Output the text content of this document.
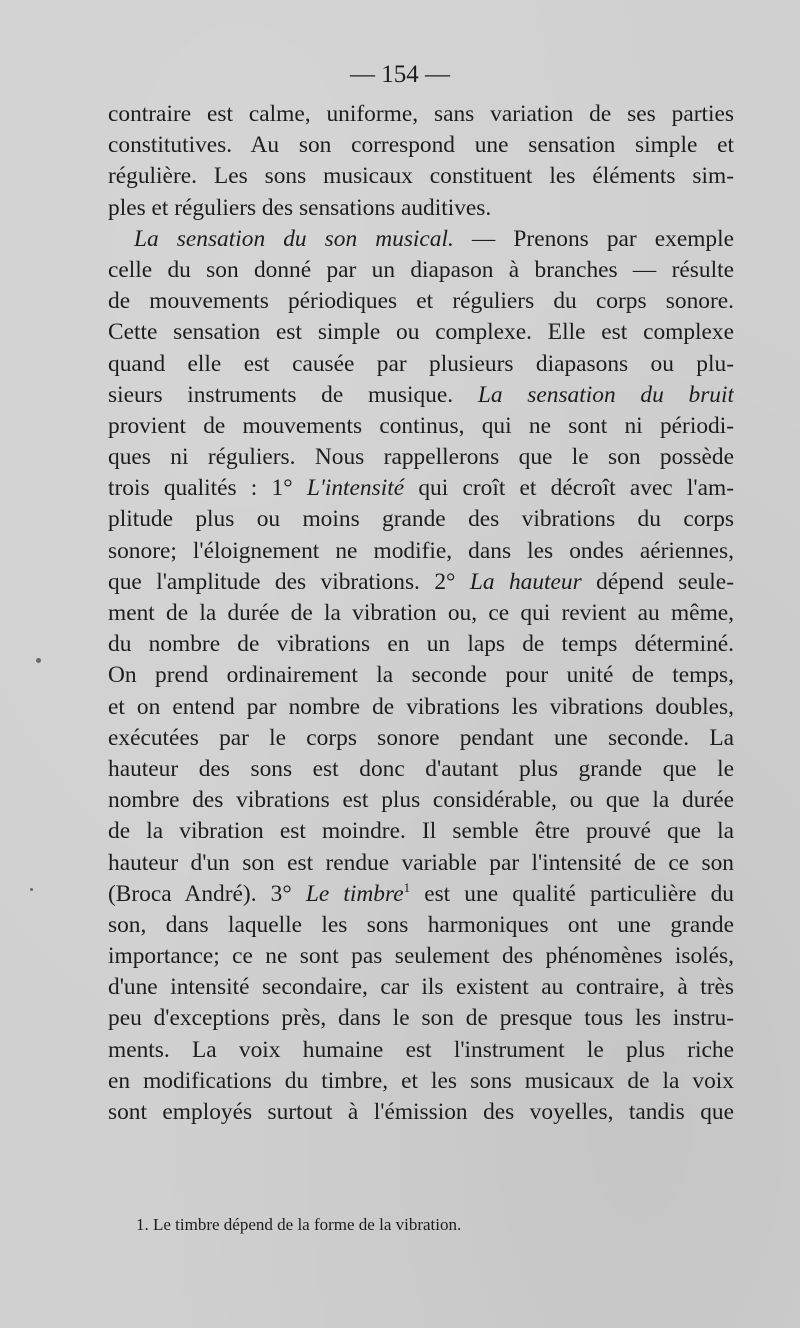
— 154 —
contraire est calme, uniforme, sans variation de ses parties
constitutives. Au son correspond une sensation simple et
régulière. Les sons musicaux constituent les éléments sim-
ples et réguliers des sensations auditives.
La sensation du son musical. — Prenons par exemple
celle du son donné par un diapason à branches — résulte
de mouvements périodiques et réguliers du corps sonore.
Cette sensation est simple ou complexe. Elle est complexe
quand elle est causée par plusieurs diapasons ou plu-
sieurs instruments de musique. La sensation du bruit
provient de mouvements continus, qui ne sont ni périodi-
ques ni réguliers. Nous rappellerons que le son possède
trois qualités : 1° L'intensité qui croît et décroît avec l'am-
plitude plus ou moins grande des vibrations du corps
sonore; l'éloignement ne modifie, dans les ondes aériennes,
que l'amplitude des vibrations. 2° La hauteur dépend seule-
ment de la durée de la vibration ou, ce qui revient au même,
du nombre de vibrations en un laps de temps déterminé.
On prend ordinairement la seconde pour unité de temps,
et on entend par nombre de vibrations les vibrations doubles,
exécutées par le corps sonore pendant une seconde. La
hauteur des sons est donc d'autant plus grande que le
nombre des vibrations est plus considérable, ou que la durée
de la vibration est moindre. Il semble être prouvé que la
hauteur d'un son est rendue variable par l'intensité de ce son
(Broca André). 3° Le timbre$^1$ est une qualité particulière du
son, dans laquelle les sons harmoniques ont une grande
importance; ce ne sont pas seulement des phénomènes isolés,
d'une intensité secondaire, car ils existent au contraire, à très
peu d'exceptions près, dans le son de presque tous les instru-
ments. La voix humaine est l'instrument le plus riche
en modifications du timbre, et les sons musicaux de la voix
sont employés surtout à l'émission des voyelles, tandis que
1. Le timbre dépend de la forme de la vibration.
